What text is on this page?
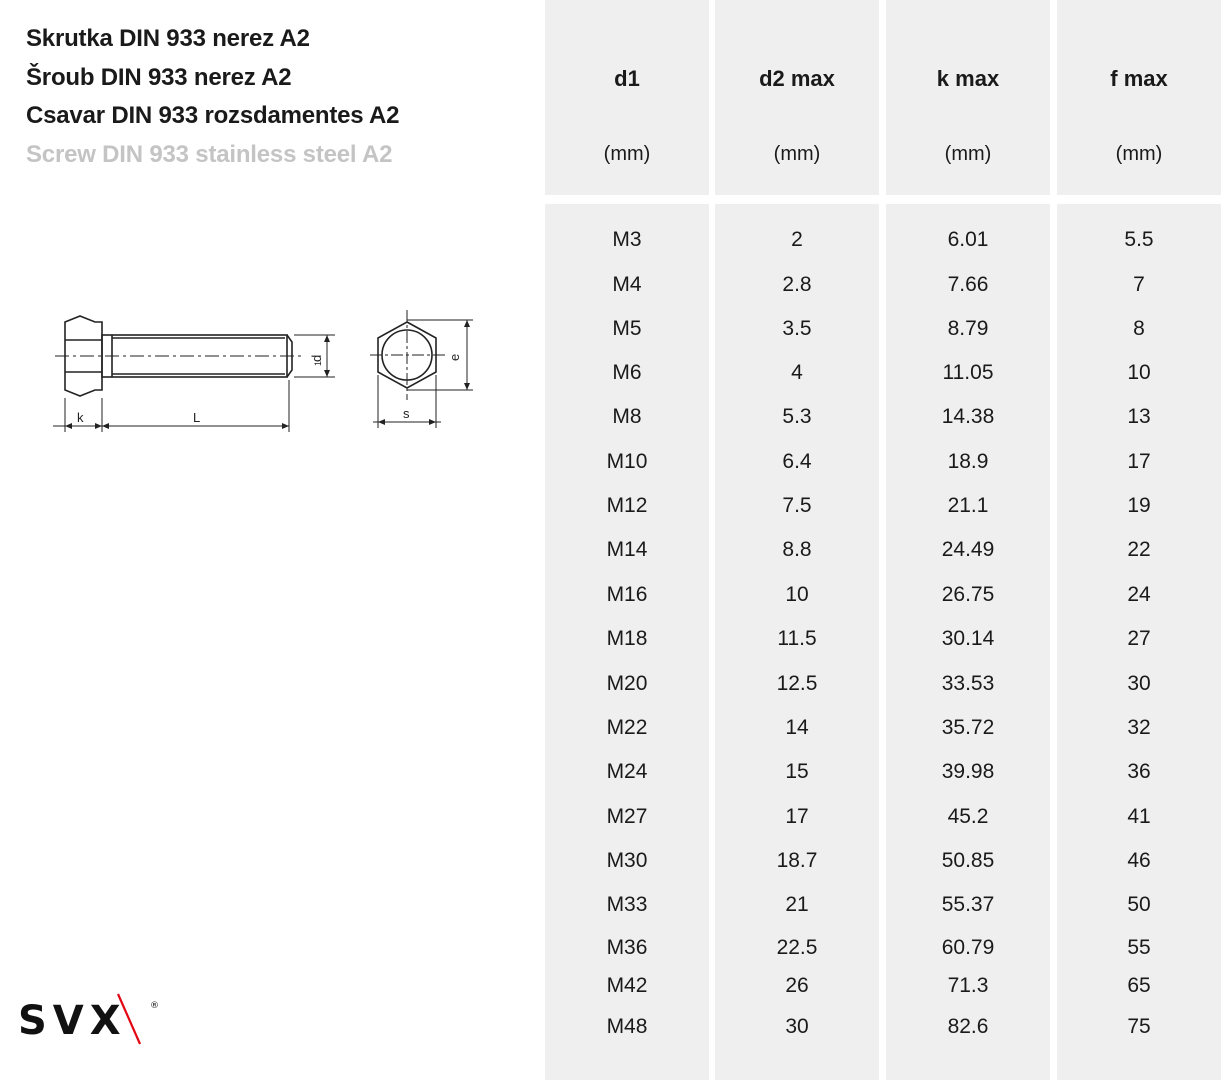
Skrutka DIN 933 nerez A2
Šroub DIN 933 nerez A2
Csavar DIN 933 rozsdamentes A2
Screw DIN 933 stainless steel A2
k	L
d
1
e
s
SVX	®
d1
(mm)
M3
M4
M5
M6
M8
M10
M12
M14
M16
M18
M20
M22
M24
M27
M30
M33
M36
M42
M48
d2 max
(mm)
2
2.8
3.5
4
5.3
6.4
7.5
8.8
10
11.5
12.5
14
15
17
18.7
21
22.5
26
30
k max
(mm)
6.01
7.66
8.79
11.05
14.38
18.9
21.1
24.49
26.75
30.14
33.53
35.72
39.98
45.2
50.85
55.37
60.79
71.3
82.6
f max
(mm)
5.5
7
8
10
13
17
19
22
24
27
30
32
36
41
46
50
55
65
75
